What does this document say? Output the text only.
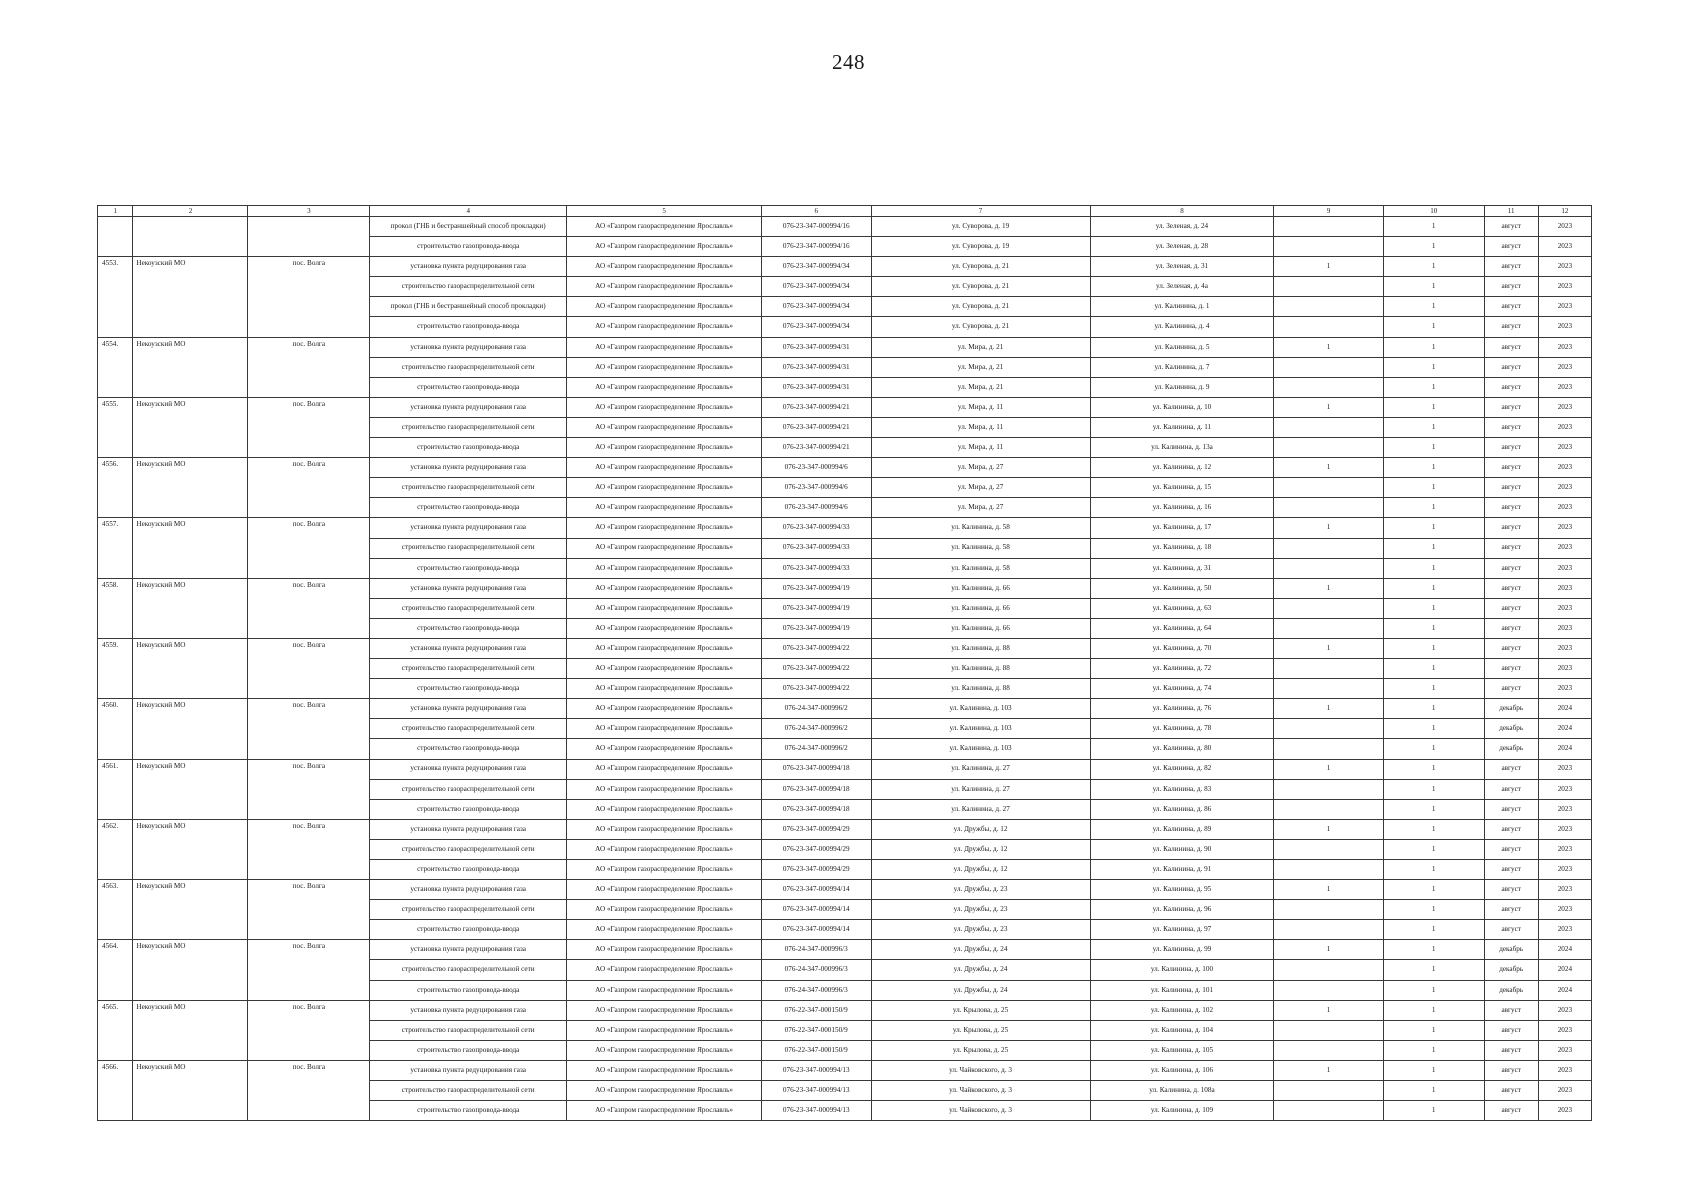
248
1	2	3	4	5	6	7	8	9	10	11	12
			прокол (ГНБ и бестраншейный способ прокладки)	АО «Газпром газораспределение Ярославль»	076-23-347-000994/16	ул. Суворова, д. 19	ул. Зеленая, д. 24		1	август	2023
			строительство газопровода-ввода	АО «Газпром газораспределение Ярославль»	076-23-347-000994/16	ул. Суворова, д. 19	ул. Зеленая, д. 28		1	август	2023
4553.	Некоузский МО	пос. Волга	установка пункта редуцирования газа	АО «Газпром газораспределение Ярославль»	076-23-347-000994/34	ул. Суворова, д. 21	ул. Зеленая, д. 31	1	1	август	2023
			строительство газораспределительной сети	АО «Газпром газораспределение Ярославль»	076-23-347-000994/34	ул. Суворова, д. 21	ул. Зеленая, д. 4а		1	август	2023
			прокол (ГНБ и бестраншейный способ прокладки)	АО «Газпром газораспределение Ярославль»	076-23-347-000994/34	ул. Суворова, д. 21	ул. Калинина, д. 1		1	август	2023
			строительство газопровода-ввода	АО «Газпром газораспределение Ярославль»	076-23-347-000994/34	ул. Суворова, д. 21	ул. Калинина, д. 4		1	август	2023
4554.	Некоузский МО	пос. Волга	установка пункта редуцирования газа	АО «Газпром газораспределение Ярославль»	076-23-347-000994/31	ул. Мира, д. 21	ул. Калинина, д. 5	1	1	август	2023
			строительство газораспределительной сети	АО «Газпром газораспределение Ярославль»	076-23-347-000994/31	ул. Мира, д. 21	ул. Калинина, д. 7		1	август	2023
			строительство газопровода-ввода	АО «Газпром газораспределение Ярославль»	076-23-347-000994/31	ул. Мира, д. 21	ул. Калинина, д. 9		1	август	2023
4555.	Некоузский МО	пос. Волга	установка пункта редуцирования газа	АО «Газпром газораспределение Ярославль»	076-23-347-000994/21	ул. Мира, д. 11	ул. Калинина, д. 10	1	1	август	2023
			строительство газораспределительной сети	АО «Газпром газораспределение Ярославль»	076-23-347-000994/21	ул. Мира, д. 11	ул. Калинина, д. 11		1	август	2023
			строительство газопровода-ввода	АО «Газпром газораспределение Ярославль»	076-23-347-000994/21	ул. Мира, д. 11	ул. Калинина, д. 13а		1	август	2023
4556.	Некоузский МО	пос. Волга	установка пункта редуцирования газа	АО «Газпром газораспределение Ярославль»	076-23-347-000994/6	ул. Мира, д. 27	ул. Калинина, д. 12	1	1	август	2023
			строительство газораспределительной сети	АО «Газпром газораспределение Ярославль»	076-23-347-000994/6	ул. Мира, д. 27	ул. Калинина, д. 15		1	август	2023
			строительство газопровода-ввода	АО «Газпром газораспределение Ярославль»	076-23-347-000994/6	ул. Мира, д. 27	ул. Калинина, д. 16		1	август	2023
4557.	Некоузский МО	пос. Волга	установка пункта редуцирования газа	АО «Газпром газораспределение Ярославль»	076-23-347-000994/33	ул. Калинина, д. 58	ул. Калинина, д. 17	1	1	август	2023
			строительство газораспределительной сети	АО «Газпром газораспределение Ярославль»	076-23-347-000994/33	ул. Калинина, д. 58	ул. Калинина, д. 18		1	август	2023
			строительство газопровода-ввода	АО «Газпром газораспределение Ярославль»	076-23-347-000994/33	ул. Калинина, д. 58	ул. Калинина, д. 31		1	август	2023
4558.	Некоузский МО	пос. Волга	установка пункта редуцирования газа	АО «Газпром газораспределение Ярославль»	076-23-347-000994/19	ул. Калинина, д. 66	ул. Калинина, д. 50	1	1	август	2023
			строительство газораспределительной сети	АО «Газпром газораспределение Ярославль»	076-23-347-000994/19	ул. Калинина, д. 66	ул. Калинина, д. 63		1	август	2023
			строительство газопровода-ввода	АО «Газпром газораспределение Ярославль»	076-23-347-000994/19	ул. Калинина, д. 66	ул. Калинина, д. 64		1	август	2023
4559.	Некоузский МО	пос. Волга	установка пункта редуцирования газа	АО «Газпром газораспределение Ярославль»	076-23-347-000994/22	ул. Калинина, д. 88	ул. Калинина, д. 70	1	1	август	2023
			строительство газораспределительной сети	АО «Газпром газораспределение Ярославль»	076-23-347-000994/22	ул. Калинина, д. 88	ул. Калинина, д. 72		1	август	2023
			строительство газопровода-ввода	АО «Газпром газораспределение Ярославль»	076-23-347-000994/22	ул. Калинина, д. 88	ул. Калинина, д. 74		1	август	2023
4560.	Некоузский МО	пос. Волга	установка пункта редуцирования газа	АО «Газпром газораспределение Ярославль»	076-24-347-000996/2	ул. Калинина, д. 103	ул. Калинина, д. 76	1	1	декабрь	2024
			строительство газораспределительной сети	АО «Газпром газораспределение Ярославль»	076-24-347-000996/2	ул. Калинина, д. 103	ул. Калинина, д. 78		1	декабрь	2024
			строительство газопровода-ввода	АО «Газпром газораспределение Ярославль»	076-24-347-000996/2	ул. Калинина, д. 103	ул. Калинина, д. 80		1	декабрь	2024
4561.	Некоузский МО	пос. Волга	установка пункта редуцирования газа	АО «Газпром газораспределение Ярославль»	076-23-347-000994/18	ул. Калинина, д. 27	ул. Калинина, д. 82	1	1	август	2023
			строительство газораспределительной сети	АО «Газпром газораспределение Ярославль»	076-23-347-000994/18	ул. Калинина, д. 27	ул. Калинина, д. 83		1	август	2023
			строительство газопровода-ввода	АО «Газпром газораспределение Ярославль»	076-23-347-000994/18	ул. Калинина, д. 27	ул. Калинина, д. 86		1	август	2023
4562.	Некоузский МО	пос. Волга	установка пункта редуцирования газа	АО «Газпром газораспределение Ярославль»	076-23-347-000994/29	ул. Дружбы, д. 12	ул. Калинина, д. 89	1	1	август	2023
			строительство газораспределительной сети	АО «Газпром газораспределение Ярославль»	076-23-347-000994/29	ул. Дружбы, д. 12	ул. Калинина, д. 90		1	август	2023
			строительство газопровода-ввода	АО «Газпром газораспределение Ярославль»	076-23-347-000994/29	ул. Дружбы, д. 12	ул. Калинина, д. 91		1	август	2023
4563.	Некоузский МО	пос. Волга	установка пункта редуцирования газа	АО «Газпром газораспределение Ярославль»	076-23-347-000994/14	ул. Дружбы, д. 23	ул. Калинина, д. 95	1	1	август	2023
			строительство газораспределительной сети	АО «Газпром газораспределение Ярославль»	076-23-347-000994/14	ул. Дружбы, д. 23	ул. Калинина, д. 96		1	август	2023
			строительство газопровода-ввода	АО «Газпром газораспределение Ярославль»	076-23-347-000994/14	ул. Дружбы, д. 23	ул. Калинина, д. 97		1	август	2023
4564.	Некоузский МО	пос. Волга	установка пункта редуцирования газа	АО «Газпром газораспределение Ярославль»	076-24-347-000996/3	ул. Дружбы, д. 24	ул. Калинина, д. 99	1	1	декабрь	2024
			строительство газораспределительной сети	АО «Газпром газораспределение Ярославль»	076-24-347-000996/3	ул. Дружбы, д. 24	ул. Калинина, д. 100		1	декабрь	2024
			строительство газопровода-ввода	АО «Газпром газораспределение Ярославль»	076-24-347-000996/3	ул. Дружбы, д. 24	ул. Калинина, д. 101		1	декабрь	2024
4565.	Некоузский МО	пос. Волга	установка пункта редуцирования газа	АО «Газпром газораспределение Ярославль»	076-22-347-000150/9	ул. Крылова, д. 25	ул. Калинина, д. 102	1	1	август	2023
			строительство газораспределительной сети	АО «Газпром газораспределение Ярославль»	076-22-347-000150/9	ул. Крылова, д. 25	ул. Калинина, д. 104		1	август	2023
			строительство газопровода-ввода	АО «Газпром газораспределение Ярославль»	076-22-347-000150/9	ул. Крылова, д. 25	ул. Калинина, д. 105		1	август	2023
4566.	Некоузский МО	пос. Волга	установка пункта редуцирования газа	АО «Газпром газораспределение Ярославль»	076-23-347-000994/13	ул. Чайковского, д. 3	ул. Калинина, д. 106	1	1	август	2023
			строительство газораспределительной сети	АО «Газпром газораспределение Ярославль»	076-23-347-000994/13	ул. Чайковского, д. 3	ул. Калинина, д. 108а		1	август	2023
			строительство газопровода-ввода	АО «Газпром газораспределение Ярославль»	076-23-347-000994/13	ул. Чайковского, д. 3	ул. Калинина, д. 109		1	август	2023
